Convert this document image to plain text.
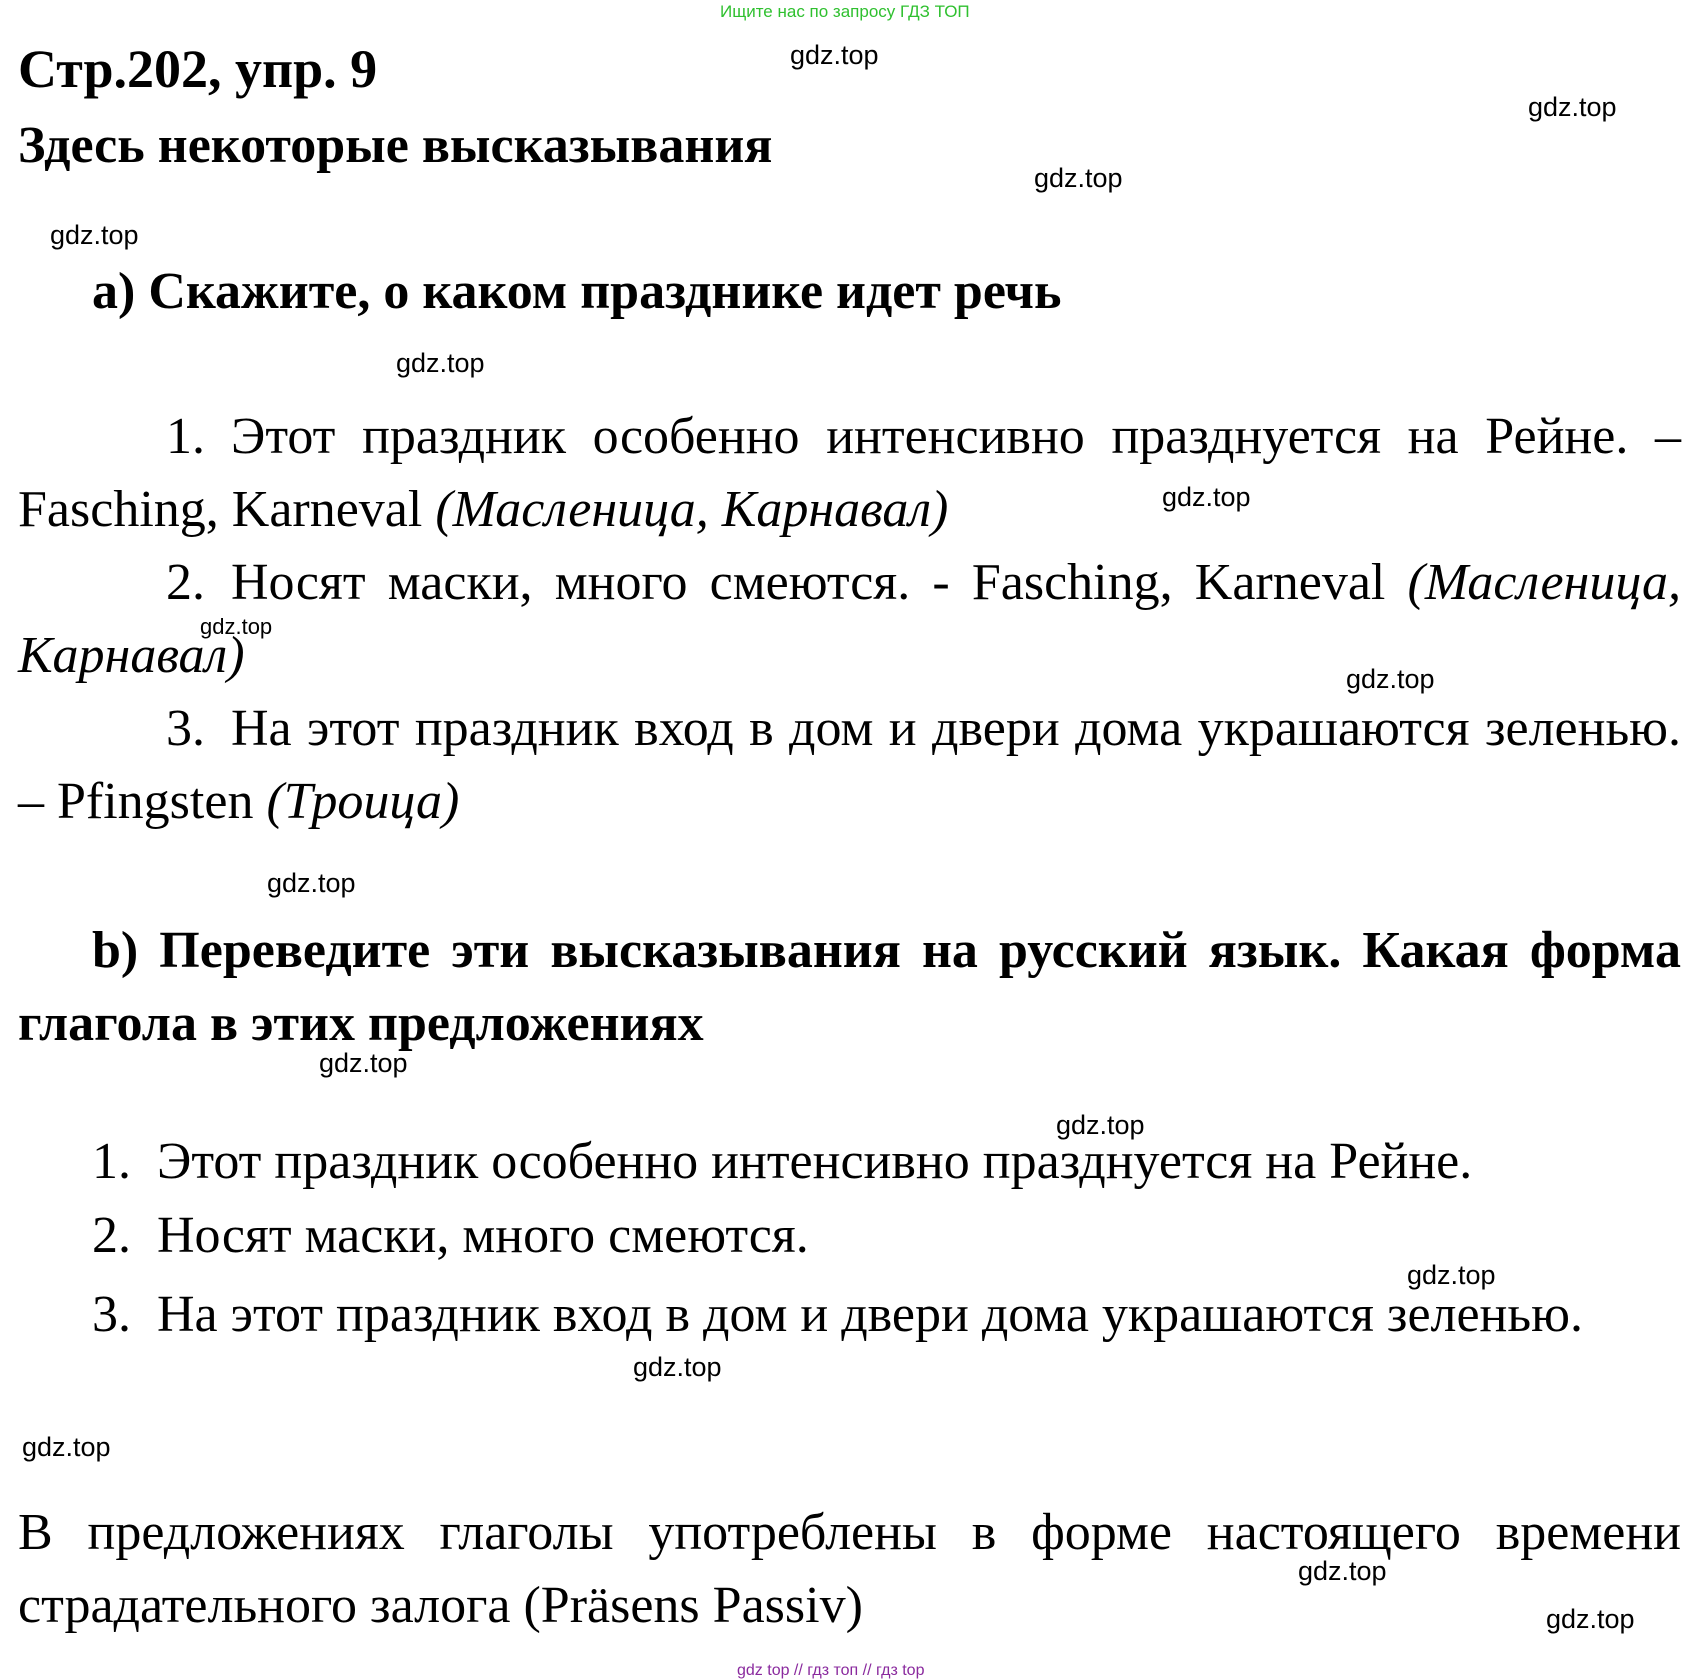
Ищите нас по запросу ГДЗ ТОП
Стр.202, упр. 9
Здесь некоторые высказывания
a) Скажите, о каком празднике идет речь

1. Этот праздник особенно интенсивно празднуется на Рейне. – Fasching, Karneval (Масленица, Карнавал)

2. Носят маски, много смеются. - Fasching, Karneval (Масленица, Карнавал)

3. На этот праздник вход в дом и двери дома украшаются зеленью. – Pfingsten (Троица)

b) Переведите эти высказывания на русский язык. Какая форма глагола в этих предложениях

1. Этот праздник особенно интенсивно празднуется на Рейне.
2. Носят маски, много смеются.

3. На этот праздник вход в дом и двери дома украшаются зеленью.

В предложениях глаголы употреблены в форме настоящего времени страдательного залога (Präsens Passiv)

gdz.top
gdz.top
gdz.top
gdz.top
gdz.top
gdz.top
gdz.top
gdz.top
gdz.top
gdz.top
gdz.top
gdz.top
gdz.top
gdz.top
gdz.top
gdz.top
gdz top // гдз топ // гдз top
